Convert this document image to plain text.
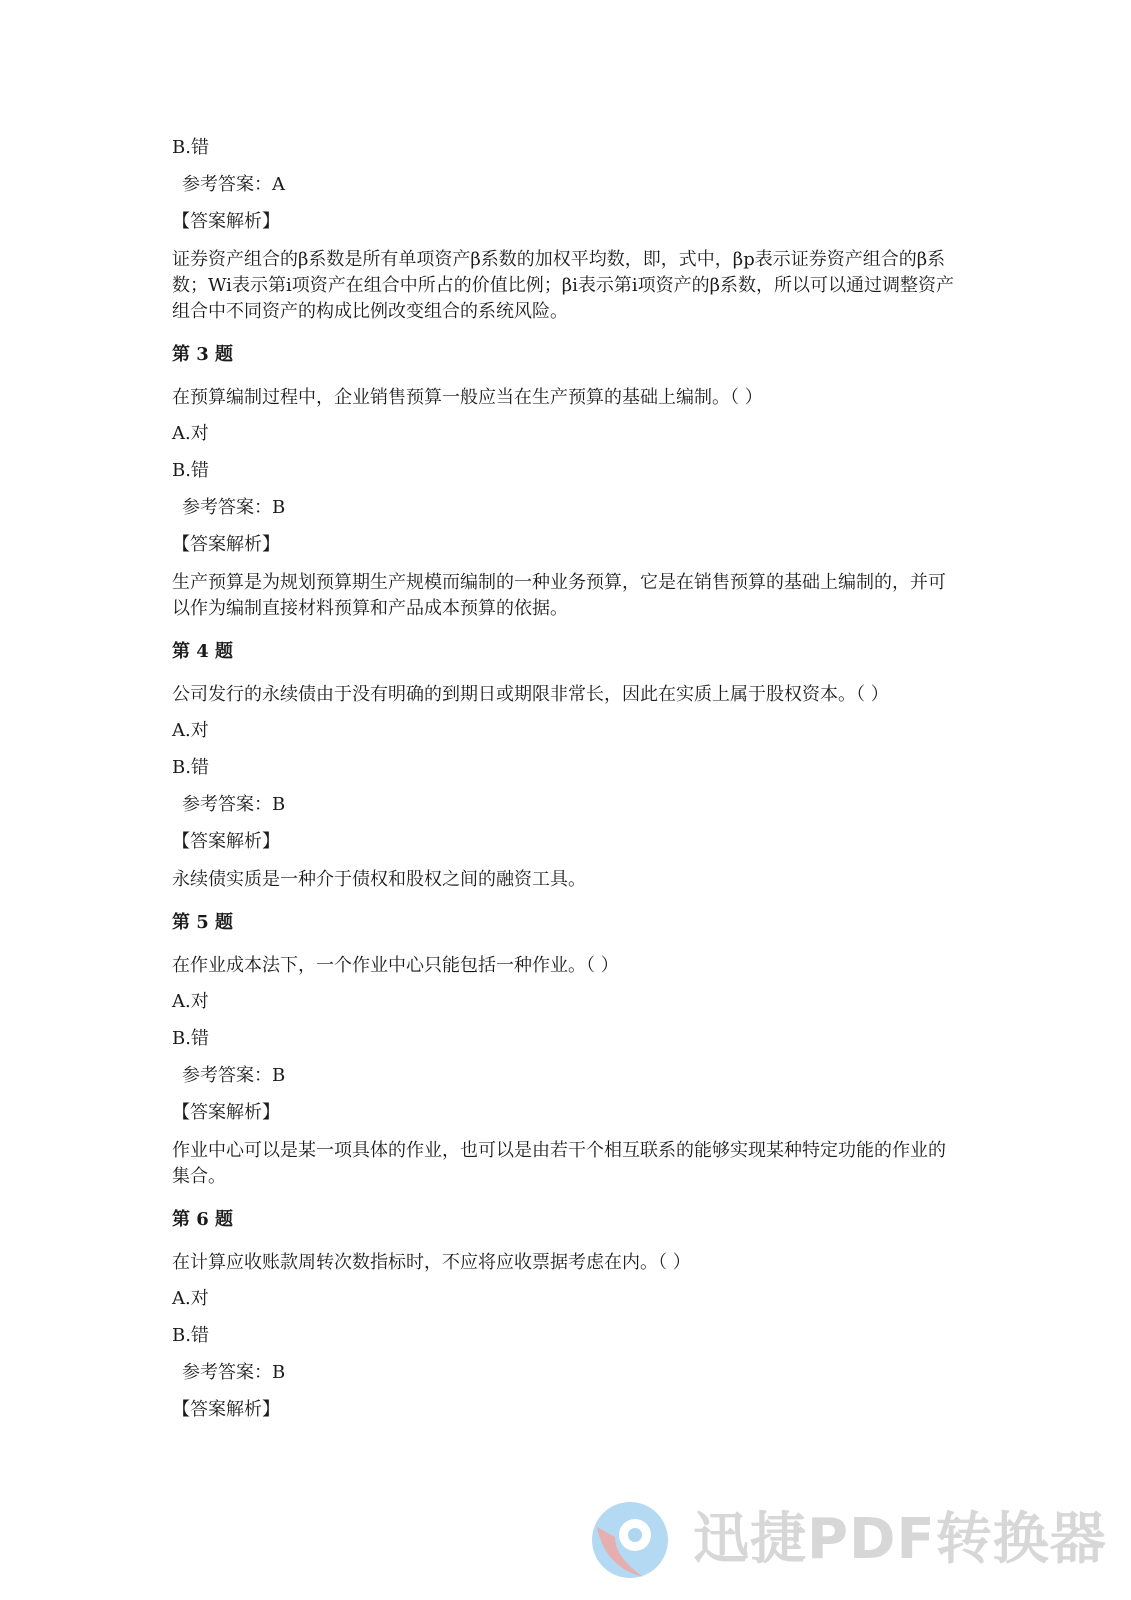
B.错

参考答案：A

【答案解析】

证券资产组合的β系数是所有单项资产β系数的加权平均数，即，式中，βp表示证券资产组合的β系数；Wi表示第i项资产在组合中所占的价值比例；βi表示第i项资产的β系数，所以可以通过调整资产组合中不同资产的构成比例改变组合的系统风险。

第 3 题

在预算编制过程中，企业销售预算一般应当在生产预算的基础上编制。（ ）

A.对

B.错

参考答案：B

【答案解析】

生产预算是为规划预算期生产规模而编制的一种业务预算，它是在销售预算的基础上编制的，并可以作为编制直接材料预算和产品成本预算的依据。

第 4 题

公司发行的永续债由于没有明确的到期日或期限非常长，因此在实质上属于股权资本。（ ）

A.对

B.错

参考答案：B

【答案解析】

永续债实质是一种介于债权和股权之间的融资工具。

第 5 题

在作业成本法下，一个作业中心只能包括一种作业。（ ）

A.对

B.错

参考答案：B

【答案解析】

作业中心可以是某一项具体的作业，也可以是由若干个相互联系的能够实现某种特定功能的作业的集合。

第 6 题

在计算应收账款周转次数指标时，不应将应收票据考虑在内。（ ）

A.对

B.错

参考答案：B

【答案解析】

迅捷PDF转换器
